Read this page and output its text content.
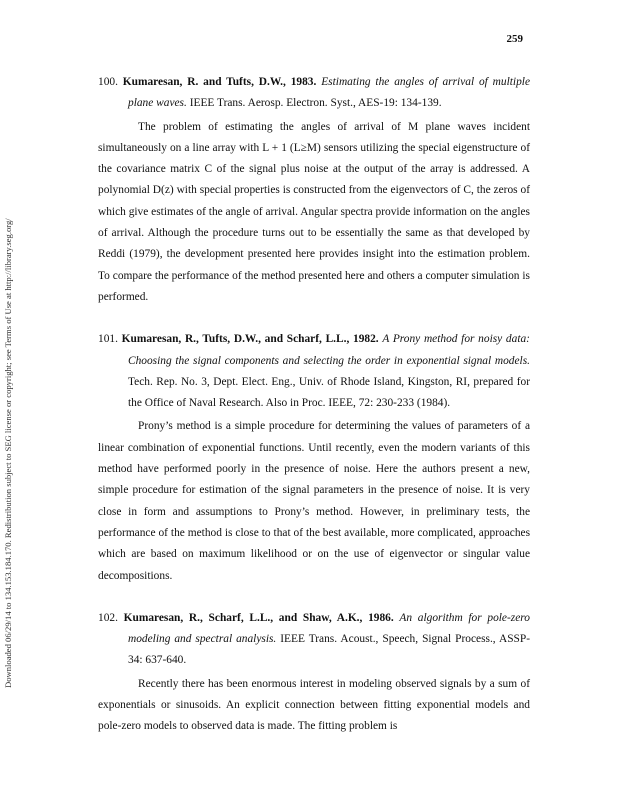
Downloaded 06/29/14 to 134.153.184.170. Redistribution subject to SEG license or copyright; see Terms of Use at http://library.seg.org/
259
100. Kumaresan, R. and Tufts, D.W., 1983. Estimating the angles of arrival of multiple plane waves. IEEE Trans. Aerosp. Electron. Syst., AES-19: 134-139.
The problem of estimating the angles of arrival of M plane waves incident simultaneously on a line array with L + 1 (L≥M) sensors utilizing the special eigenstructure of the covariance matrix C of the signal plus noise at the output of the array is addressed. A polynomial D(z) with special properties is constructed from the eigenvectors of C, the zeros of which give estimates of the angle of arrival. Angular spectra provide information on the angles of arrival. Although the procedure turns out to be essentially the same as that developed by Reddi (1979), the development presented here provides insight into the estimation problem. To compare the performance of the method presented here and others a computer simulation is performed.
101. Kumaresan, R., Tufts, D.W., and Scharf, L.L., 1982. A Prony method for noisy data: Choosing the signal components and selecting the order in exponential signal models. Tech. Rep. No. 3, Dept. Elect. Eng., Univ. of Rhode Island, Kingston, RI, prepared for the Office of Naval Research. Also in Proc. IEEE, 72: 230-233 (1984).
Prony’s method is a simple procedure for determining the values of parameters of a linear combination of exponential functions. Until recently, even the modern variants of this method have performed poorly in the presence of noise. Here the authors present a new, simple procedure for estimation of the signal parameters in the presence of noise. It is very close in form and assumptions to Prony’s method. However, in preliminary tests, the performance of the method is close to that of the best available, more complicated, approaches which are based on maximum likelihood or on the use of eigenvector or singular value decompositions.
102. Kumaresan, R., Scharf, L.L., and Shaw, A.K., 1986. An algorithm for pole-zero modeling and spectral analysis. IEEE Trans. Acoust., Speech, Signal Process., ASSP-34: 637-640.
Recently there has been enormous interest in modeling observed signals by a sum of exponentials or sinusoids. An explicit connection between fitting exponential models and pole-zero models to observed data is made. The fitting problem is
